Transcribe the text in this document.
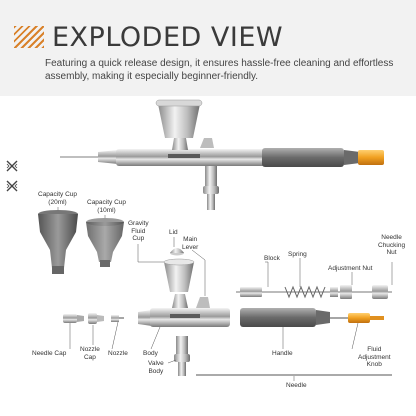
EXPLODED VIEW
Featuring a quick release design, it ensures hassle-free cleaning and effortless assembly, making it especially beginner-friendly.
Capacity Cup
(20ml)	Capacity Cup
(10ml)
Gravity
Fluid
Cup
Lid
Main
Lever
Block
Spring
Adjustment Nut
Needle
Chucking
Nut
Needle Cap
Nozzle
Cap	Nozzle Body
Valve
Body
Handle
Fluid
Adjustment
Knob
Needle
